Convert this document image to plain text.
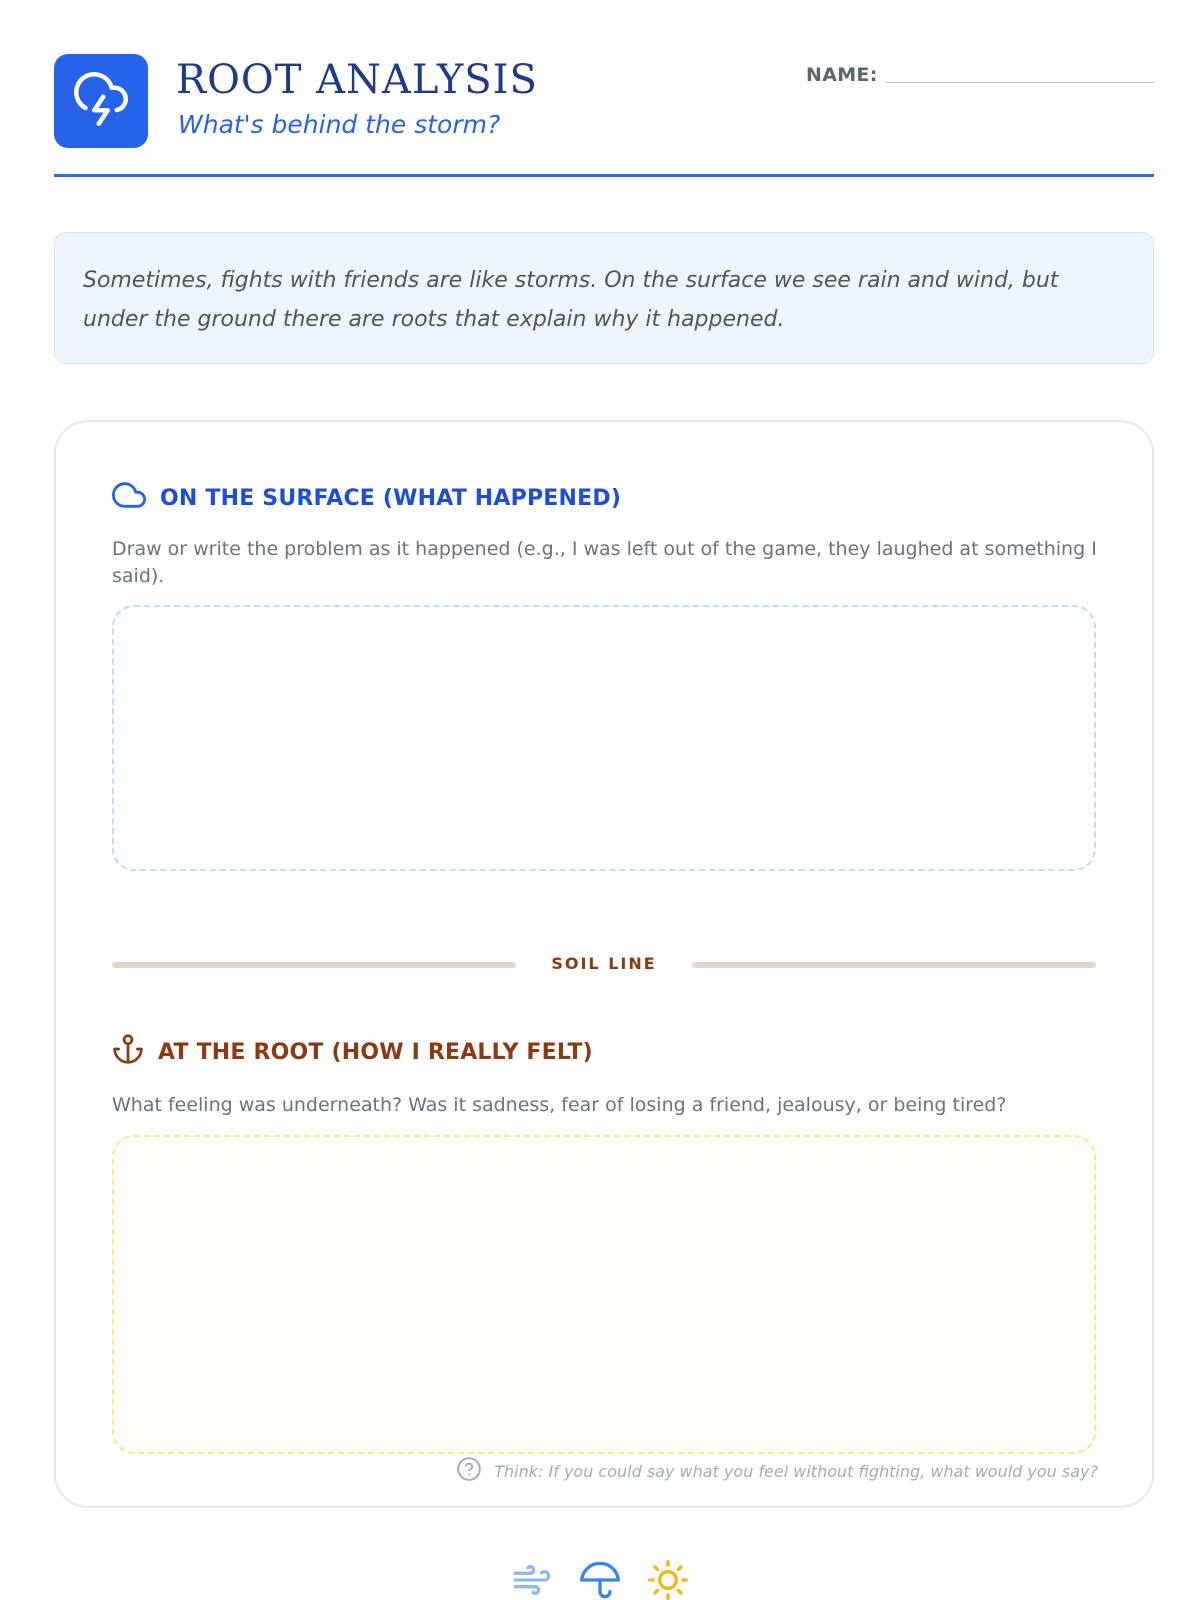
ROOT ANALYSIS
What's behind the storm?
NAME:
Sometimes, fights with friends are like storms. On the surface we see rain and wind, but under the ground there are roots that explain why it happened.
ON THE SURFACE (WHAT HAPPENED)
Draw or write the problem as it happened (e.g., I was left out of the game, they laughed at something I said).
SOIL LINE
AT THE ROOT (HOW I REALLY FELT)
What feeling was underneath? Was it sadness, fear of losing a friend, jealousy, or being tired?
Think: If you could say what you feel without fighting, what would you say?
